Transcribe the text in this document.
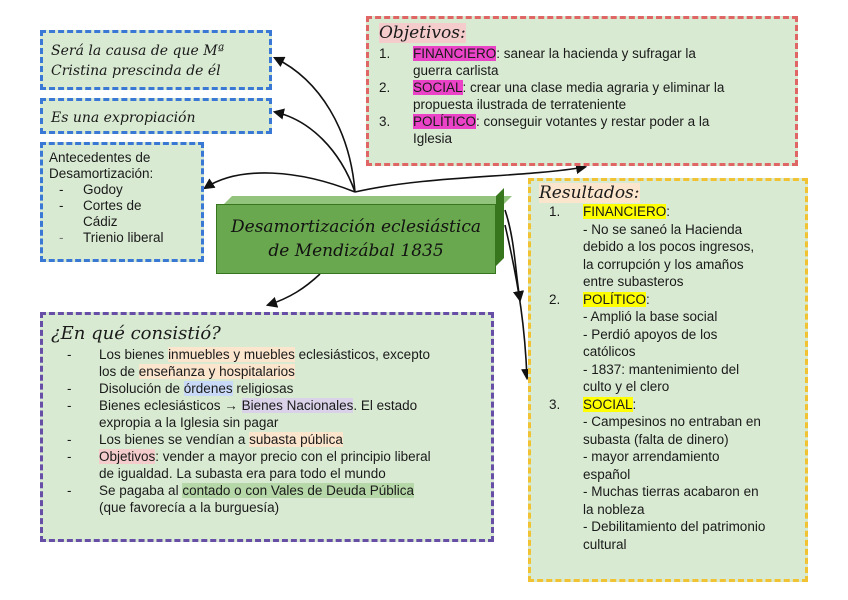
Será la causa de que Mª
Cristina prescinda de él
Es una expropiación
Antecedentes de
Desamortización:
-	Godoy
-	Cortes de
Cádiz
-	Trienio liberal
Desamortización eclesiástica
de Mendizábal 1835
Objetivos:
1.	FINANCIERO: sanear la hacienda y sufragar la
guerra carlista
2.	SOCIAL: crear una clase media agraria y eliminar la
propuesta ilustrada de terrateniente
3.	POLÍTICO: conseguir votantes y restar poder a la
Iglesia
Resultados:
1.	FINANCIERO:
- No se saneó la Hacienda
debido a los pocos ingresos,
la corrupción y los amaños
entre subasteros
2.	POLÍTICO:
- Amplió la base social
- Perdió apoyos de los
católicos
- 1837: mantenimiento del
culto y el clero
3.	SOCIAL:
- Campesinos no entraban en
subasta (falta de dinero)
- mayor arrendamiento
español
- Muchas tierras acabaron en
la nobleza
- Debilitamiento del patrimonio
cultural
¿En qué consistió?
-	Los bienes inmuebles y muebles eclesiásticos, excepto
los de enseñanza y hospitalarios
-	Disolución de órdenes religiosas
-	Bienes eclesiásticos → Bienes Nacionales. El estado
expropia a la Iglesia sin pagar
-	Los bienes se vendían a subasta pública
-	Objetivos: vender a mayor precio con el principio liberal
de igualdad. La subasta era para todo el mundo
-	Se pagaba al contado o con Vales de Deuda Pública
(que favorecía a la burguesía)
